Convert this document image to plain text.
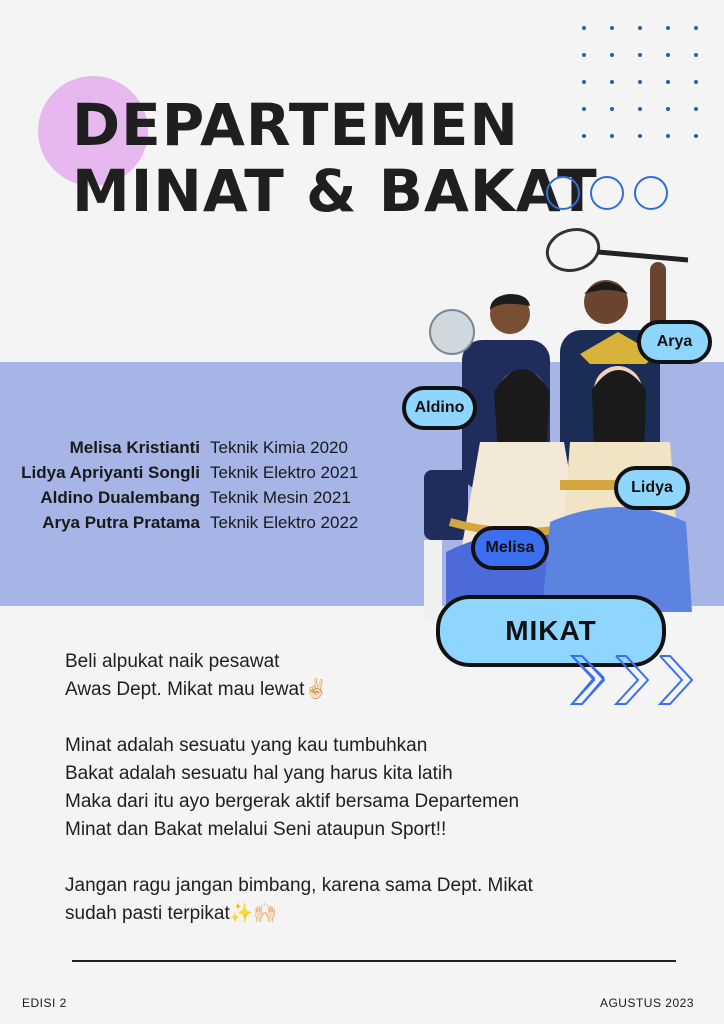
DEPARTEMEN
MINAT & BAKAT
Melisa Kristianti Teknik Kimia 2020
Lidya Apriyanti Songli Teknik Elektro 2021
Aldino Dualembang Teknik Mesin 2021
Arya Putra Pratama Teknik Elektro 2022
Arya
Aldino
Lidya
Melisa
MIKAT

Beli alpukat naik pesawat
Awas Dept. Mikat mau lewat✌🏻

Minat adalah sesuatu yang kau tumbuhkan
Bakat adalah sesuatu hal yang harus kita latih

Maka dari itu ayo bergerak aktif bersama Departemen
Minat dan Bakat melalui Seni ataupun Sport!!

Jangan ragu jangan bimbang, karena sama Dept. Mikat
sudah pasti terpikat✨🙌🏻

EDISI 2	AGUSTUS 2023
